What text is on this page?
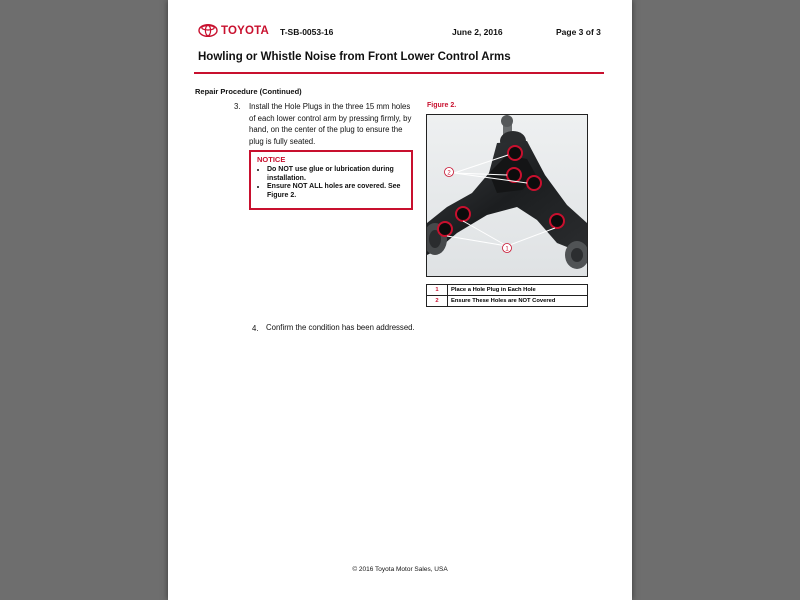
TOYOTA T-SB-0053-16	June 2, 2016	Page 3 of 3
Howling or Whistle Noise from Front Lower Control Arms
Repair Procedure (Continued)
3. Install the Hole Plugs in the three 15 mm holes of each lower control arm by pressing firmly, by hand, on the center of the plug to ensure the plug is fully seated.

NOTICE
• Do NOT use glue or lubrication during installation.
• Ensure NOT ALL holes are covered. See Figure 2.
Figure 2.
2
1
1	Place a Hole Plug in Each Hole
2	Ensure These Holes are NOT Covered
4. Confirm the condition has been addressed.

© 2016 Toyota Motor Sales, USA
